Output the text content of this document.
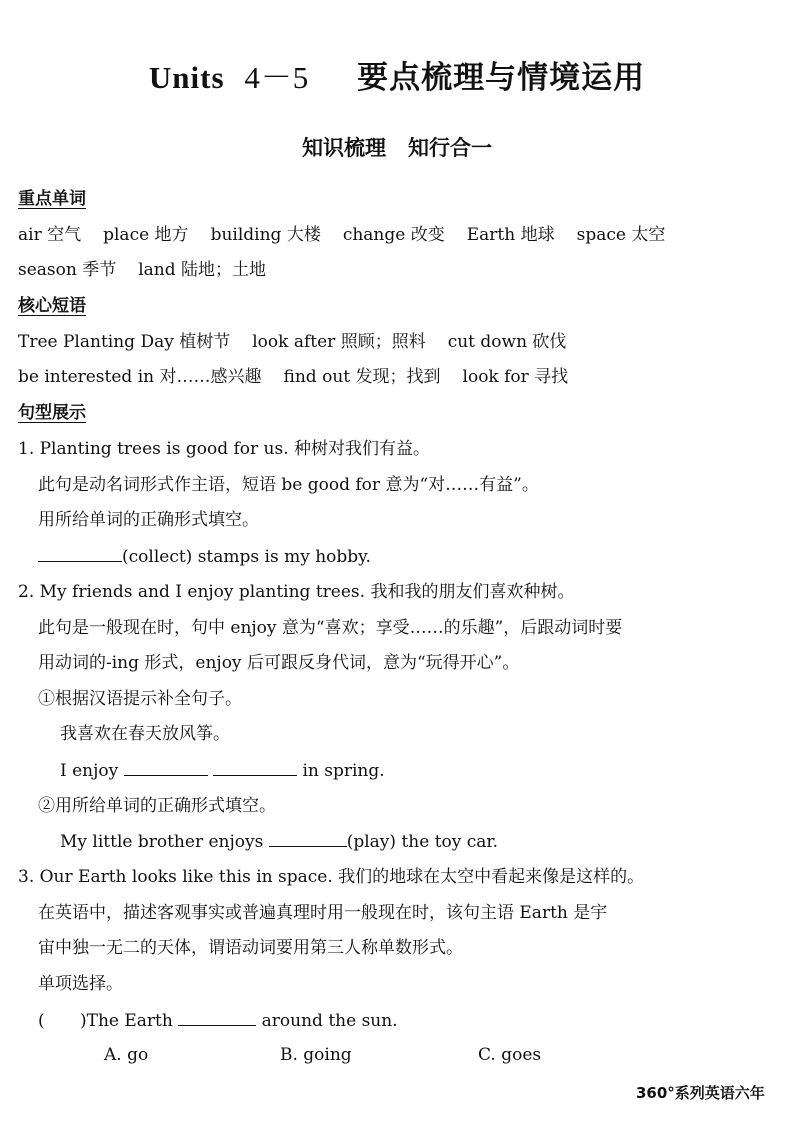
Units 4－5 要点梳理与情境运用
知识梳理 知行合一
重点单词
air 空气 place 地方 building 大楼 change 改变 Earth 地球 space 太空
season 季节 land 陆地；土地
核心短语
Tree Planting Day 植树节 look after 照顾；照料 cut down 砍伐
be interested in 对……感兴趣 find out 发现；找到 look for 寻找
句型展示
1. Planting trees is good for us. 种树对我们有益。
此句是动名词形式作主语，短语 be good for 意为“对……有益”。
用所给单词的正确形式填空。
(collect) stamps is my hobby.
2. My friends and I enjoy planting trees. 我和我的朋友们喜欢种树。
此句是一般现在时，句中 enjoy 意为“喜欢；享受……的乐趣”，后跟动词时要
用动词的-ing 形式，enjoy 后可跟反身代词，意为“玩得开心”。
①根据汉语提示补全句子。
我喜欢在春天放风筝。
I enjoy	in spring.
②用所给单词的正确形式填空。
My little brother enjoys	(play) the toy car.
3. Our Earth looks like this in space. 我们的地球在太空中看起来像是这样的。
在英语中，描述客观事实或普遍真理时用一般现在时，该句主语 Earth 是宇
宙中独一无二的天体，谓语动词要用第三人称单数形式。
单项选择。
( )The Earth	around the sun.
A. go	B. going	C. goes
360°系列英语六年
